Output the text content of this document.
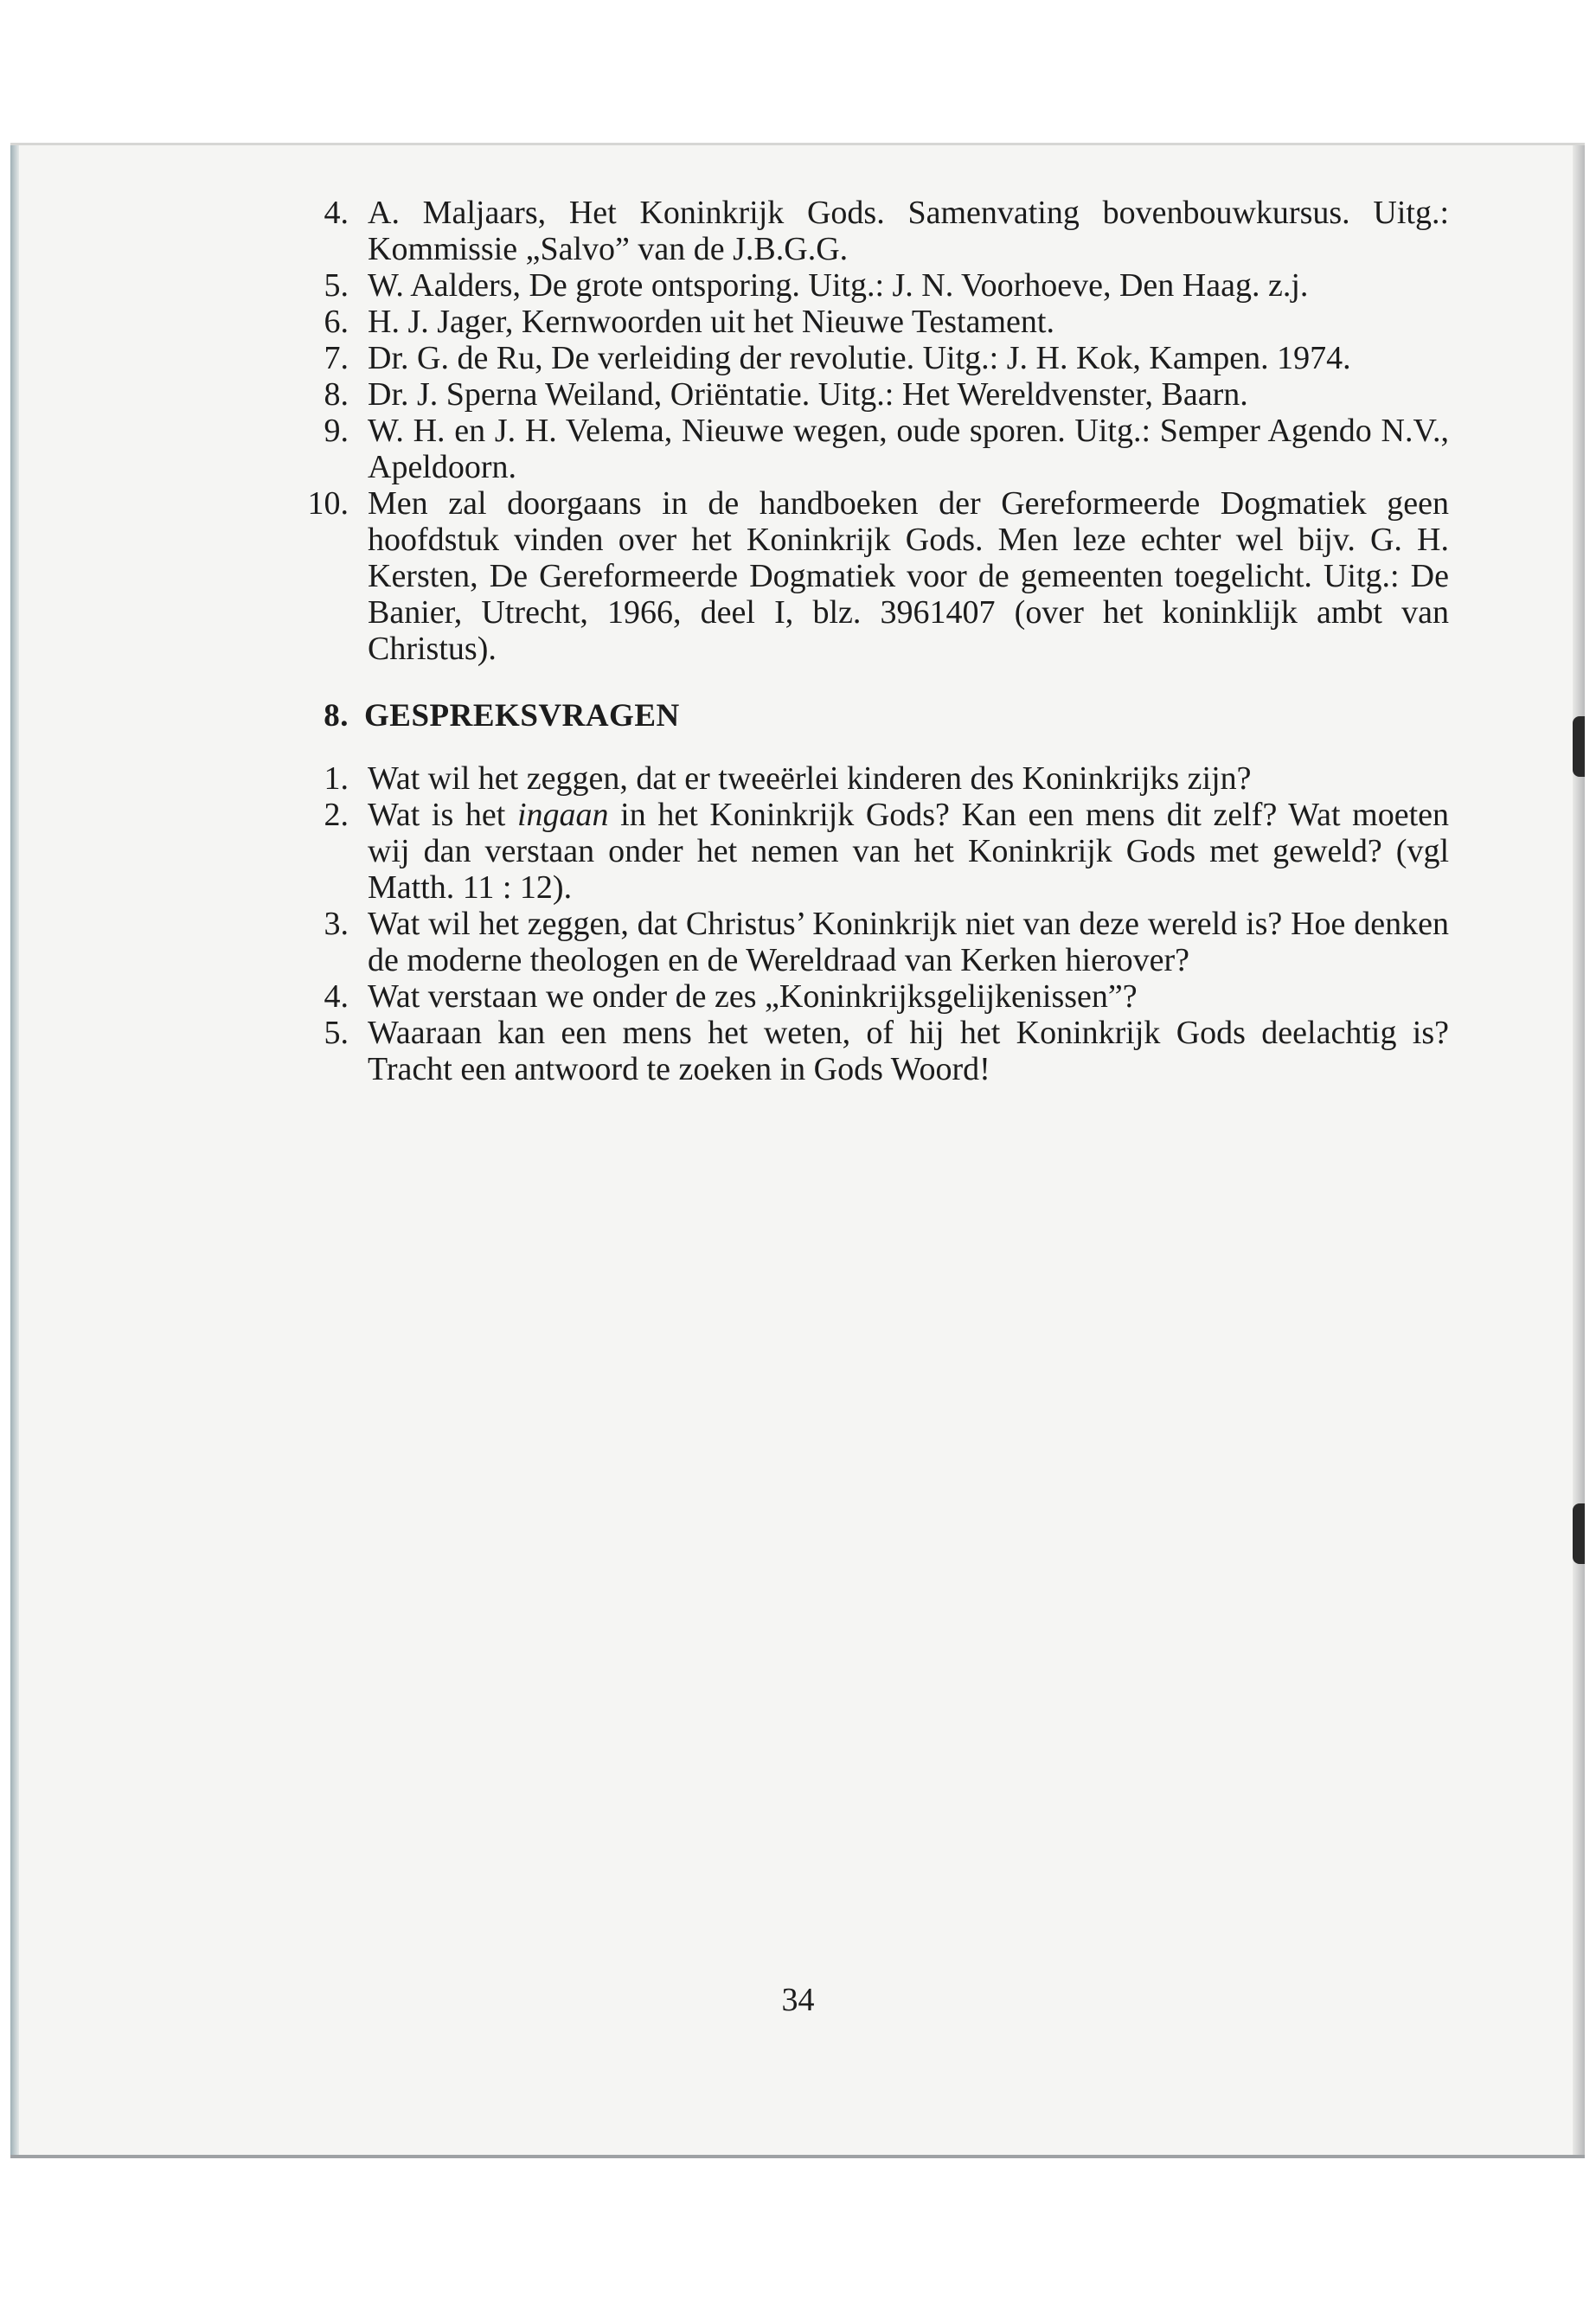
4. A. Maljaars, Het Koninkrijk Gods. Samenvating bovenbouwkursus. Uitg.: Kommissie „Salvo” van de J.B.G.G.
5. W. Aalders, De grote ontsporing. Uitg.: J. N. Voorhoeve, Den Haag. z.j.
6. H. J. Jager, Kernwoorden uit het Nieuwe Testament.
7. Dr. G. de Ru, De verleiding der revolutie. Uitg.: J. H. Kok, Kampen. 1974.
8. Dr. J. Sperna Weiland, Oriëntatie. Uitg.: Het Wereldvenster, Baarn.
9. W. H. en J. H. Velema, Nieuwe wegen, oude sporen. Uitg.: Semper Agendo N.V., Apeldoorn.
10. Men zal doorgaans in de handboeken der Gereformeerde Dogmatiek geen hoofdstuk vinden over het Koninkrijk Gods. Men leze echter wel bijv. G. H. Kersten, De Gereformeerde Dogmatiek voor de gemeenten toegelicht. Uitg.: De Banier, Utrecht, 1966, deel I, blz. 3961407 (over het koninklijk ambt van Christus).
8. GESPREKSVRAGEN
1. Wat wil het zeggen, dat er tweeërlei kinderen des Koninkrijks zijn?
2. Wat is het ingaan in het Koninkrijk Gods? Kan een mens dit zelf? Wat moeten wij dan verstaan onder het nemen van het Koninkrijk Gods met geweld? (vgl Matth. 11 : 12).
3. Wat wil het zeggen, dat Christus’ Koninkrijk niet van deze wereld is? Hoe denken de moderne theologen en de Wereldraad van Kerken hierover?
4. Wat verstaan we onder de zes „Koninkrijksgelijkenissen”?
5. Waaraan kan een mens het weten, of hij het Koninkrijk Gods deelachtig is? Tracht een antwoord te zoeken in Gods Woord!
34
